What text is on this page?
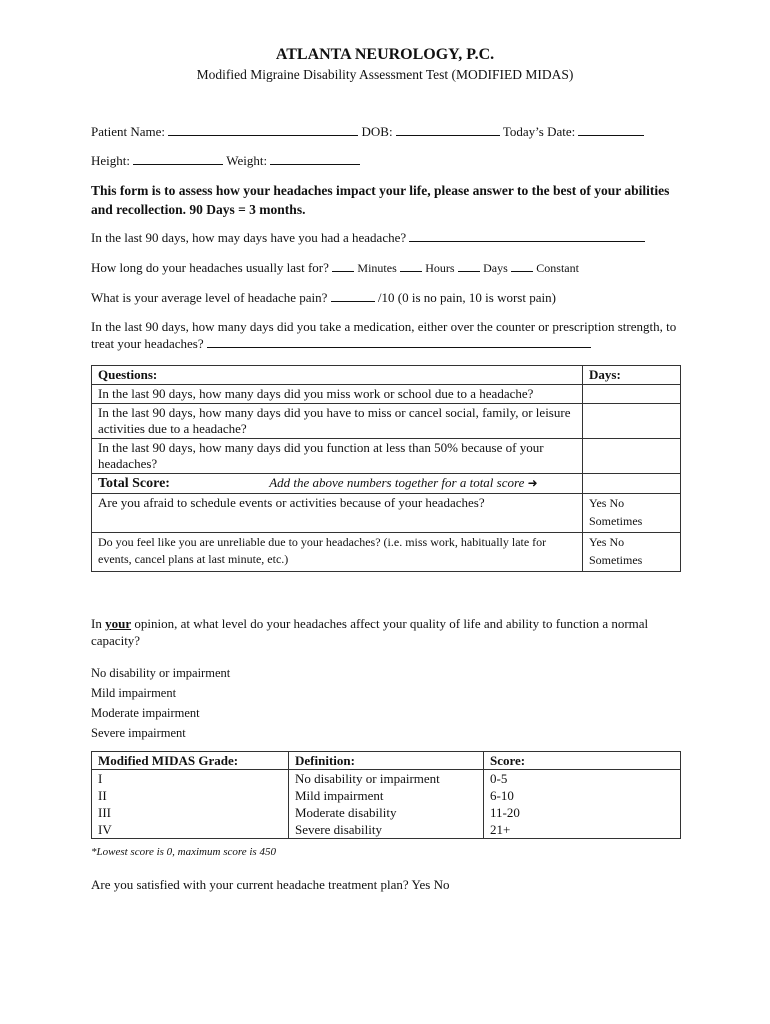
ATLANTA NEUROLOGY, P.C.
Modified Migraine Disability Assessment Test (MODIFIED MIDAS)
Patient Name:	DOB:	Today’s Date:
Height:	Weight:
This form is to assess how your headaches impact your life, please answer to the best of your abilities and recollection. 90 Days = 3 months.
In the last 90 days, how may days have you had a headache?
How long do your headaches usually last for? Minutes Hours Days Constant
What is your average level of headache pain?	/10 (0 is no pain, 10 is worst pain)
In the last 90 days, how many days did you take a medication, either over the counter or prescription strength, to treat your headaches?
Questions:	Days:
In the last 90 days, how many days did you miss work or school due to a headache?	
In the last 90 days, how many days did you have to miss or cancel social, family, or leisure activities due to a headache?	
In the last 90 days, how many days did you function at less than 50% because of your headaches?	
Total Score: Add the above numbers together for a total score ➜	
Are you afraid to schedule events or activities because of your headaches?	Yes No
Sometimes
Do you feel like you are unreliable due to your headaches? (i.e. miss work, habitually late for events, cancel plans at last minute, etc.)	Yes No
Sometimes
In your opinion, at what level do your headaches affect your quality of life and ability to function a normal capacity?
No disability or impairment
Mild impairment
Moderate impairment
Severe impairment
Modified MIDAS Grade:	Definition:	Score:
I	No disability or impairment	0-5
II	Mild impairment	6-10
III	Moderate disability	11-20
IV	Severe disability	21+
*Lowest score is 0, maximum score is 450
Are you satisfied with your current headache treatment plan? Yes No
